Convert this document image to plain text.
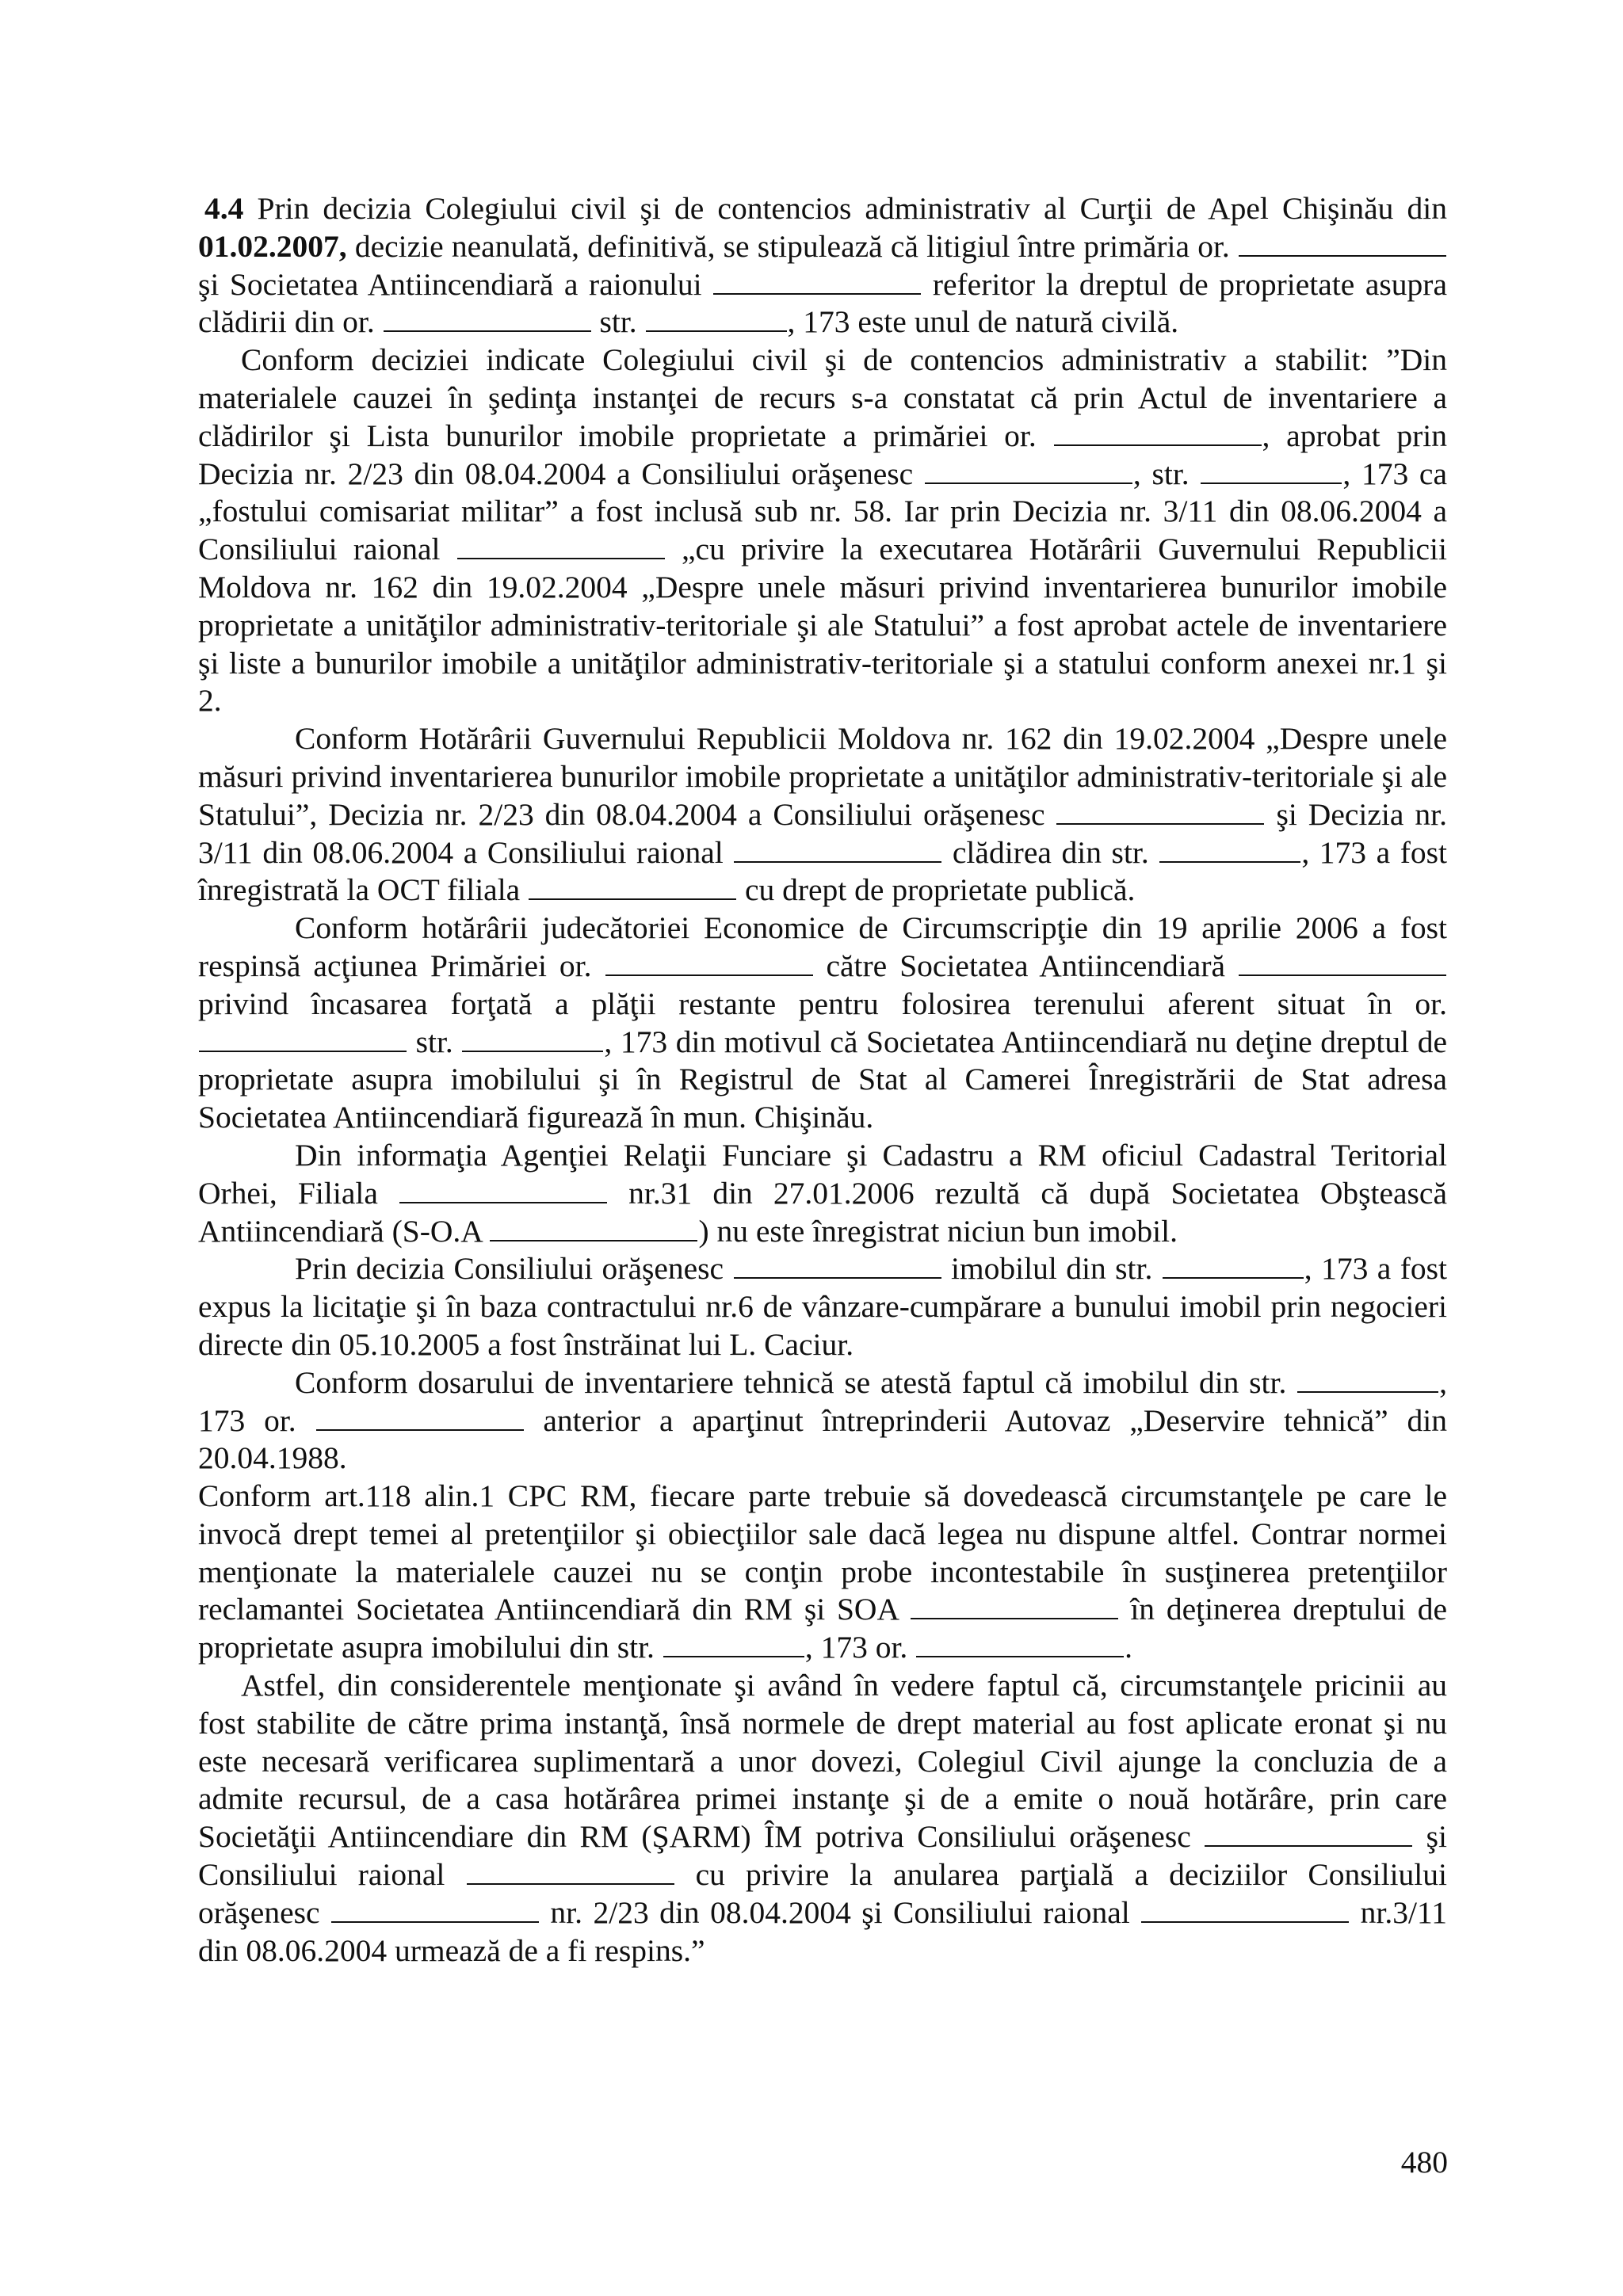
4.4 Prin decizia Colegiului civil şi de contencios administrativ al Curţii de Apel Chişinău din 01.02.2007, decizie neanulată, definitivă, se stipulează că litigiul între primăria or.  şi Societatea Antiincendiară a raionului	referitor la dreptul de proprietate asupra clădirii din or.	str.	, 173 este unul de natură civilă.

Conform deciziei indicate Colegiului civil şi de contencios administrativ a stabilit: ”Din materialele cauzei în şedinţa instanţei de recurs s-a constatat că prin Actul de inventariere a clădirilor şi Lista bunurilor imobile proprietate a primăriei or.	, aprobat prin Decizia nr. 2/23 din 08.04.2004 a Consiliului orăşenesc	, str.	, 173 ca „fostului comisariat militar” a fost inclusă sub nr. 58. Iar prin Decizia nr. 3/11 din 08.06.2004 a Consiliului raional	„cu privire la executarea Hotărârii Guvernului Republicii Moldova nr. 162 din 19.02.2004 „Despre unele măsuri privind inventarierea bunurilor imobile proprietate a unităţilor administrativ-teritoriale şi ale Statului” a fost aprobat actele de inventariere şi liste a bunurilor imobile a unităţilor administrativ-teritoriale şi a statului conform anexei nr.1 şi 2.

Conform Hotărârii Guvernului Republicii Moldova nr. 162 din 19.02.2004 „Despre unele măsuri privind inventarierea bunurilor imobile proprietate a unităţilor administrativ-teritoriale şi ale Statului”, Decizia nr. 2/23 din 08.04.2004 a Consiliului orăşenesc	şi Decizia nr. 3/11 din 08.06.2004 a Consiliului raional	clădirea din str.	, 173 a fost înregistrată la OCT filiala	cu drept de proprietate publică.

Conform hotărârii judecătoriei Economice de Circumscripţie din 19 aprilie 2006 a fost respinsă acţiunea Primăriei or.	către Societatea Antiincendiară  privind încasarea forţată a plăţii restante pentru folosirea terenului aferent situat în or.  str.	, 173 din motivul că Societatea Antiincendiară nu deţine dreptul de proprietate asupra imobilului şi în Registrul de Stat al Camerei Înregistrării de Stat adresa Societatea Antiincendiară figurează în mun. Chişinău.

Din informaţia Agenţiei Relaţii Funciare şi Cadastru a RM oficiul Cadastral Teritorial Orhei, Filiala	nr.31 din 27.01.2006 rezultă că după Societatea Obştească Antiincendiară (S-O.A	) nu este înregistrat niciun bun imobil.

Prin decizia Consiliului orăşenesc	imobilul din str.	, 173 a fost expus la licitaţie şi în baza contractului nr.6 de vânzare-cumpărare a bunului imobil prin negocieri directe din 05.10.2005 a fost înstrăinat lui L. Caciur.

Conform dosarului de inventariere tehnică se atestă faptul că imobilul din str.	, 173 or.	anterior a aparţinut întreprinderii Autovaz „Deservire tehnică” din 20.04.1988.

Conform art.118 alin.1 CPC RM, fiecare parte trebuie să dovedească circumstanţele pe care le invocă drept temei al pretenţiilor şi obiecţiilor sale dacă legea nu dispune altfel. Contrar normei menţionate la materialele cauzei nu se conţin probe incontestabile în susţinerea pretenţiilor reclamantei Societatea Antiincendiară din RM şi SOA	în deţinerea dreptului de proprietate asupra imobilului din str.	, 173 or.	.

Astfel, din considerentele menţionate şi având în vedere faptul că, circumstanţele pricinii au fost stabilite de către prima instanţă, însă normele de drept material au fost aplicate eronat şi nu este necesară verificarea suplimentară a unor dovezi, Colegiul Civil ajunge la concluzia de a admite recursul, de a casa hotărârea primei instanţe şi de a emite o nouă hotărâre, prin care Societăţii Antiincendiare din RM (ŞARM) ÎM potriva Consiliului orăşenesc	şi Consiliului raional	cu privire la anularea parţială a deciziilor Consiliului orăşenesc	nr. 2/23 din 08.04.2004 şi Consiliului raional	nr.3/11 din 08.06.2004 urmează de a fi respins.”

480
